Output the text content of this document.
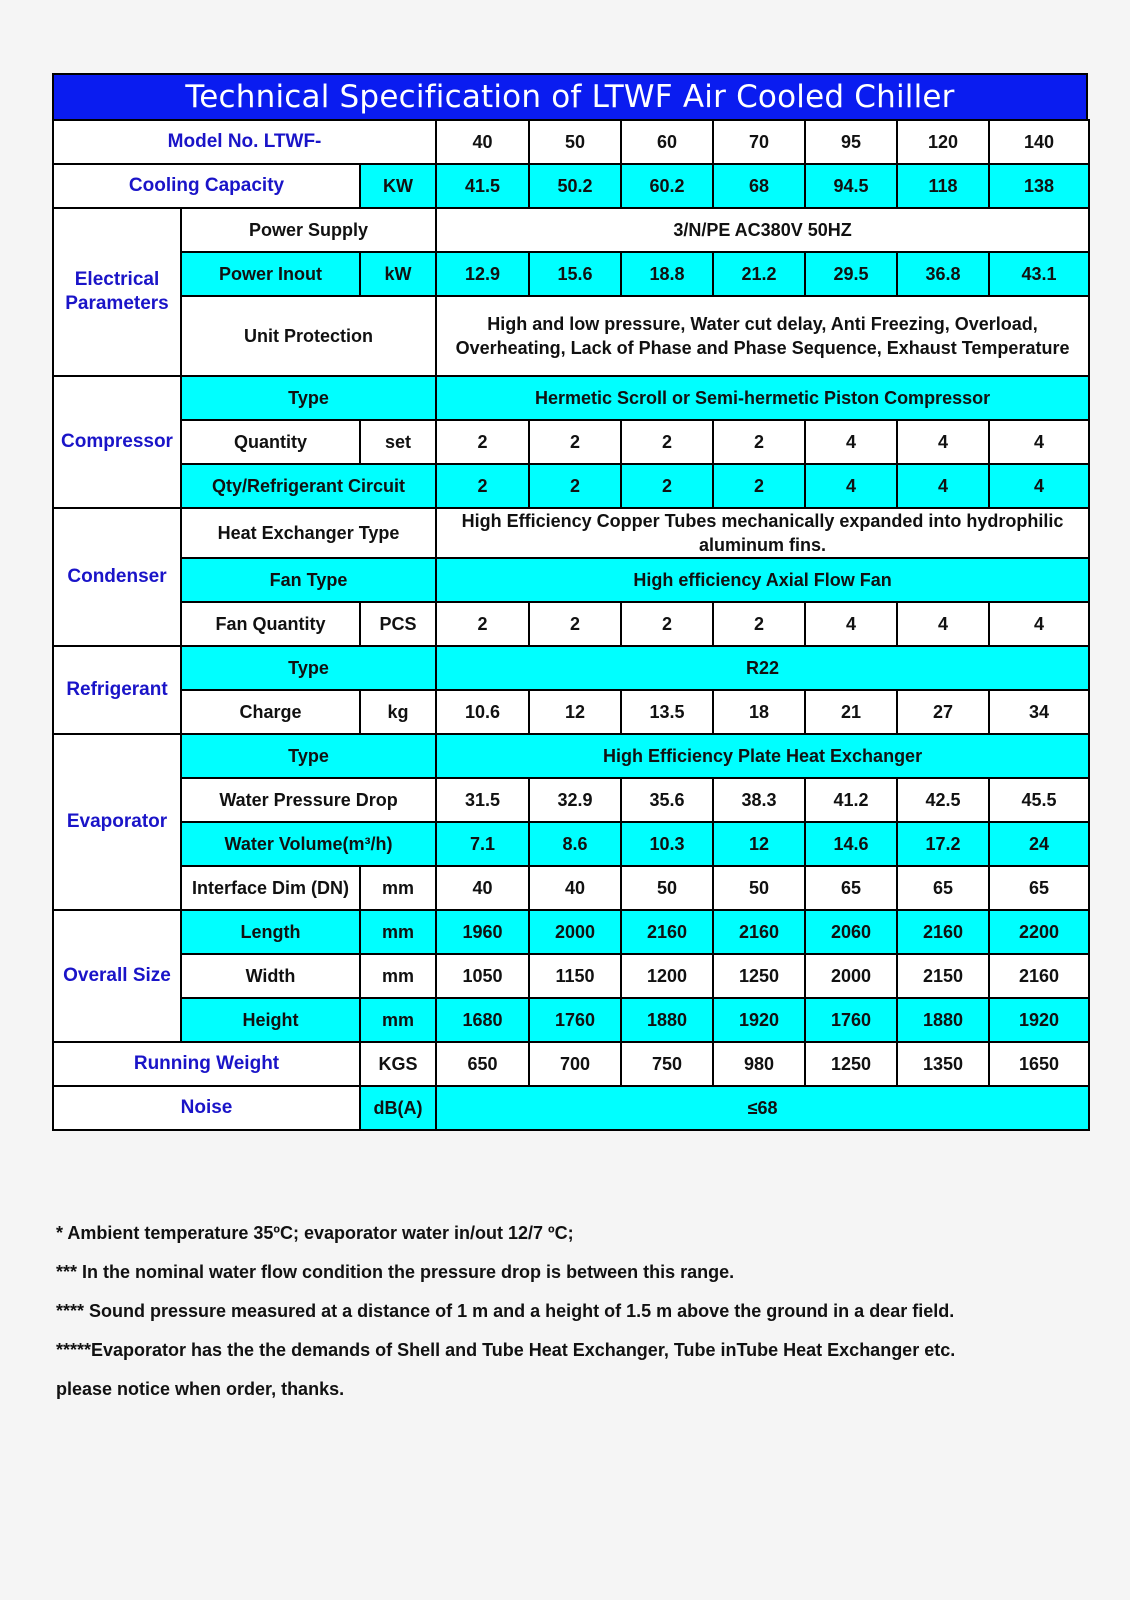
Technical Specification of LTWF Air Cooled Chiller
Model No. LTWF-			40	50	60	70	95	120	140
Cooling Capacity		KW	41.5	50.2	60.2	68	94.5	118	138
Electrical Parameters	Power Supply		3/N/PE AC380V 50HZ						
	Power Inout	kW	12.9	15.6	18.8	21.2	29.5	36.8	43.1
	Unit Protection		High and low pressure, Water cut delay, Anti Freezing, Overload, Overheating, Lack of Phase and Phase Sequence, Exhaust Temperature						
Compressor	Type		Hermetic Scroll or Semi-hermetic Piston Compressor						
	Quantity	set	2	2	2	2	4	4	4
	Qty/Refrigerant Circuit		2	2	2	2	4	4	4
Condenser	Heat Exchanger Type		High Efficiency Copper Tubes mechanically expanded into hydrophilic aluminum fins.						
	Fan Type		High efficiency Axial Flow Fan						
	Fan Quantity	PCS	2	2	2	2	4	4	4
Refrigerant	Type		R22						
	Charge	kg	10.6	12	13.5	18	21	27	34
Evaporator	Type		High Efficiency Plate Heat Exchanger						
	Water Pressure Drop		31.5	32.9	35.6	38.3	41.2	42.5	45.5
	Water Volume(m³/h)		7.1	8.6	10.3	12	14.6	17.2	24
	Interface Dim (DN)	mm	40	40	50	50	65	65	65
Overall Size	Length	mm	1960	2000	2160	2160	2060	2160	2200
	Width	mm	1050	1150	1200	1250	2000	2150	2160
	Height	mm	1680	1760	1880	1920	1760	1880	1920
Running Weight		KGS	650	700	750	980	1250	1350	1650
Noise		dB(A)	≤68						

* Ambient temperature 35ºC; evaporator water in/out 12/7 ºC;

*** In the nominal water flow condition the pressure drop is between this range.

**** Sound pressure measured at a distance of 1 m and a height of 1.5 m above the ground in a dear field.

*****Evaporator has the the demands of Shell and Tube Heat Exchanger, Tube inTube Heat Exchanger etc.

please notice when order, thanks.
